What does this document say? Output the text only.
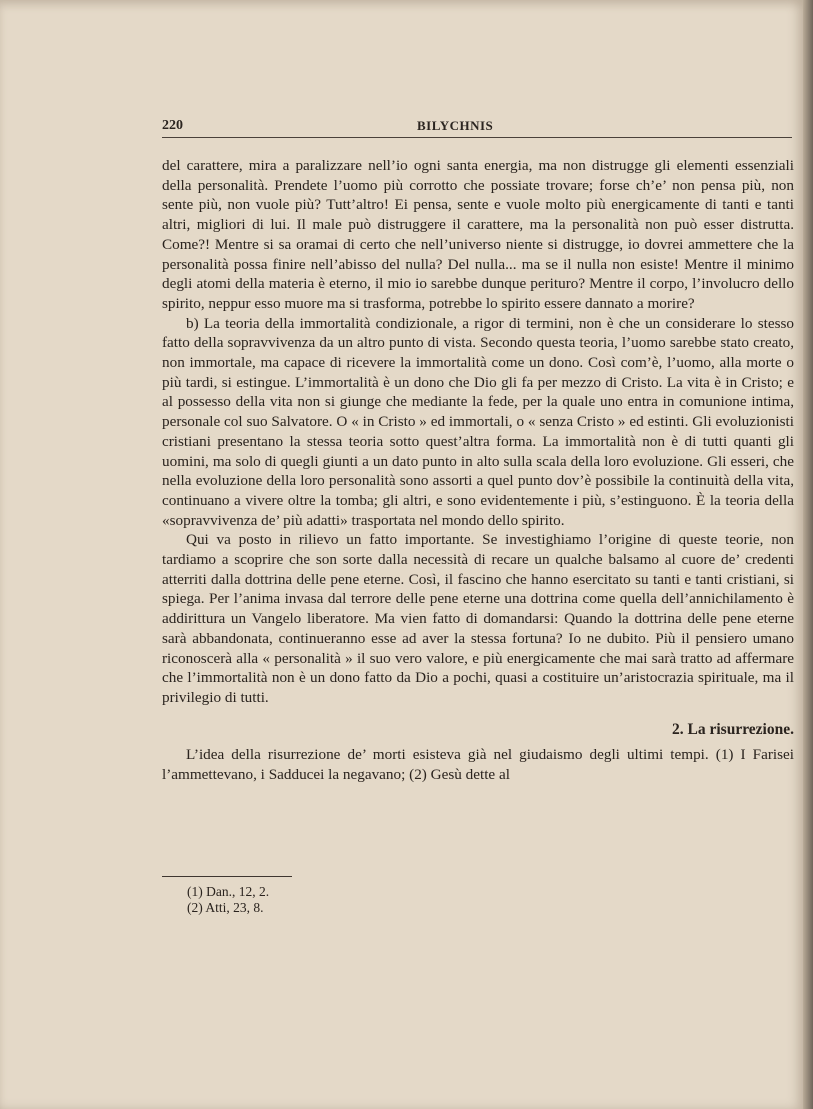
220	BILYCHNIS

del carattere, mira a paralizzare nell’io ogni santa energia, ma non distrugge gli elementi essenziali della personalità. Prendete l’uomo più corrotto che possiate trovare; forse ch’e’ non pensa più, non sente più, non vuole più? Tutt’altro! Ei pensa, sente e vuole molto più energicamente di tanti e tanti altri, migliori di lui. Il male può distruggere il carattere, ma la personalità non può esser distrutta. Come?! Mentre si sa oramai di certo che nell’universo niente si distrugge, io dovrei ammettere che la personalità possa finire nell’abisso del nulla? Del nulla... ma se il nulla non esiste! Mentre il minimo degli atomi della materia è eterno, il mio io sarebbe dunque perituro? Mentre il corpo, l’involucro dello spirito, neppur esso muore ma si trasforma, potrebbe lo spirito essere dannato a morire?

b) La teoria della immortalità condizionale, a rigor di termini, non è che un considerare lo stesso fatto della sopravvivenza da un altro punto di vista. Secondo questa teoria, l’uomo sarebbe stato creato, non immortale, ma capace di ricevere la immortalità come un dono. Così com’è, l’uomo, alla morte o più tardi, si estingue. L’immortalità è un dono che Dio gli fa per mezzo di Cristo. La vita è in Cristo; e al possesso della vita non si giunge che mediante la fede, per la quale uno entra in comunione intima, personale col suo Salvatore. O « in Cristo » ed immortali, o « senza Cristo » ed estinti. Gli evoluzionisti cristiani presentano la stessa teoria sotto quest’altra forma. La immortalità non è di tutti quanti gli uomini, ma solo di quegli giunti a un dato punto in alto sulla scala della loro evoluzione. Gli esseri, che nella evoluzione della loro personalità sono assorti a quel punto dov’è possibile la continuità della vita, continuano a vivere oltre la tomba; gli altri, e sono evidentemente i più, s’estinguono. È la teoria della «sopravvivenza de’ più adatti» trasportata nel mondo dello spirito.

Qui va posto in rilievo un fatto importante. Se investighiamo l’origine di queste teorie, non tardiamo a scoprire che son sorte dalla necessità di recare un qualche balsamo al cuore de’ credenti atterriti dalla dottrina delle pene eterne. Così, il fascino che hanno esercitato su tanti e tanti cristiani, si spiega. Per l’anima invasa dal terrore delle pene eterne una dottrina come quella dell’annichilamento è addirittura un Vangelo liberatore. Ma vien fatto di domandarsi: Quando la dottrina delle pene eterne sarà abbandonata, continueranno esse ad aver la stessa fortuna? Io ne dubito. Più il pensiero umano riconoscerà alla « personalità » il suo vero valore, e più energicamente che mai sarà tratto ad affermare che l’immortalità non è un dono fatto da Dio a pochi, quasi a costituire un’aristocrazia spirituale, ma il privilegio di tutti.

2. La risurrezione.

L’idea della risurrezione de’ morti esisteva già nel giudaismo degli ultimi tempi. (1) I Farisei l’ammettevano, i Sadducei la negavano; (2) Gesù dette al

(1) Dan., 12, 2.

(2) Atti, 23, 8.
